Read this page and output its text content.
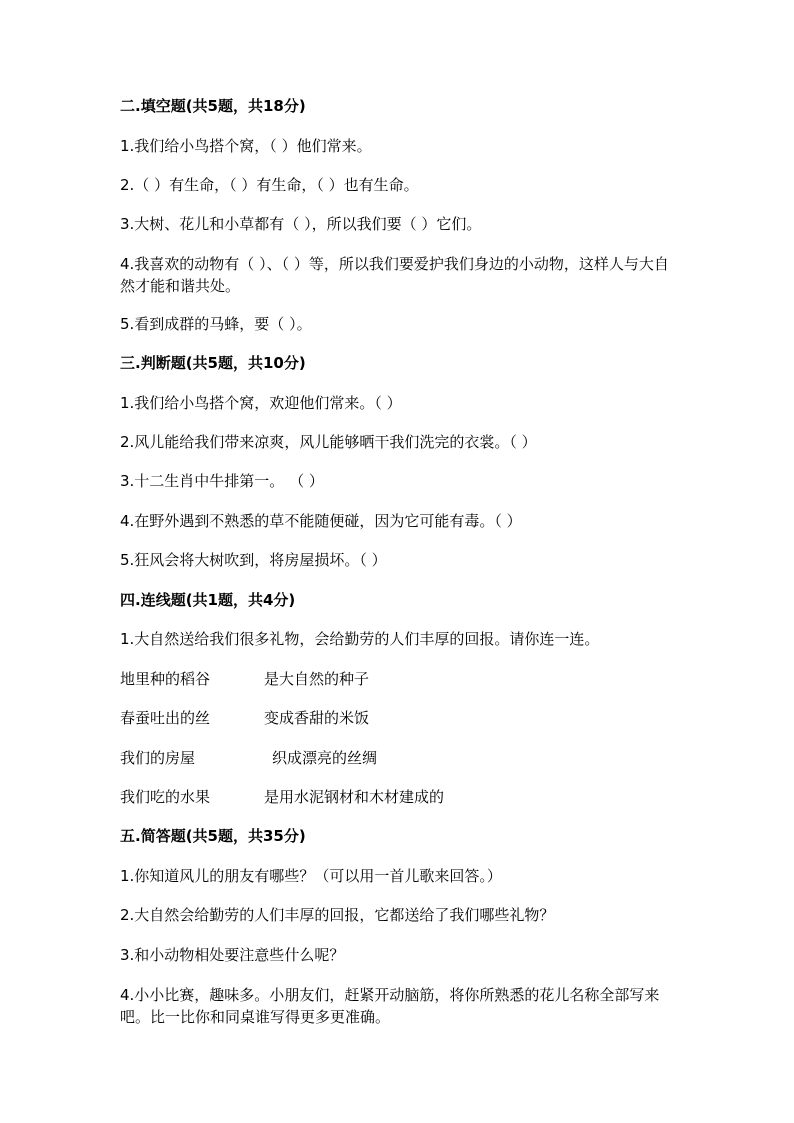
二.填空题(共5题，共18分)
1.我们给小鸟搭个窝，（ ）他们常来。
2.（ ）有生命，（ ）有生命，（ ）也有生命。
3.大树、花儿和小草都有（ ），所以我们要（ ）它们。
4.我喜欢的动物有（ ）、（ ）等，所以我们要爱护我们身边的小动物，这样人与大自然才能和谐共处。
5.看到成群的马蜂，要（ ）。
三.判断题(共5题，共10分)
1.我们给小鸟搭个窝，欢迎他们常来。（ ）
2.风儿能给我们带来凉爽，风儿能够晒干我们洗完的衣裳。（ ）
3.十二生肖中牛排第一。 （ ）
4.在野外遇到不熟悉的草不能随便碰，因为它可能有毒。（ ）
5.狂风会将大树吹到，将房屋损坏。（ ）
四.连线题(共1题，共4分)
1.大自然送给我们很多礼物，会给勤劳的人们丰厚的回报。请你连一连。
地里种的稻谷	是大自然的种子
春蚕吐出的丝	变成香甜的米饭
我们的房屋	织成漂亮的丝绸
我们吃的水果	是用水泥钢材和木材建成的
五.简答题(共5题，共35分)
1.你知道风儿的朋友有哪些？（可以用一首儿歌来回答。）
2.大自然会给勤劳的人们丰厚的回报，它都送给了我们哪些礼物？
3.和小动物相处要注意些什么呢？
4.小小比赛，趣味多。小朋友们，赶紧开动脑筋，将你所熟悉的花儿名称全部写来吧。比一比你和同桌谁写得更多更准确。
